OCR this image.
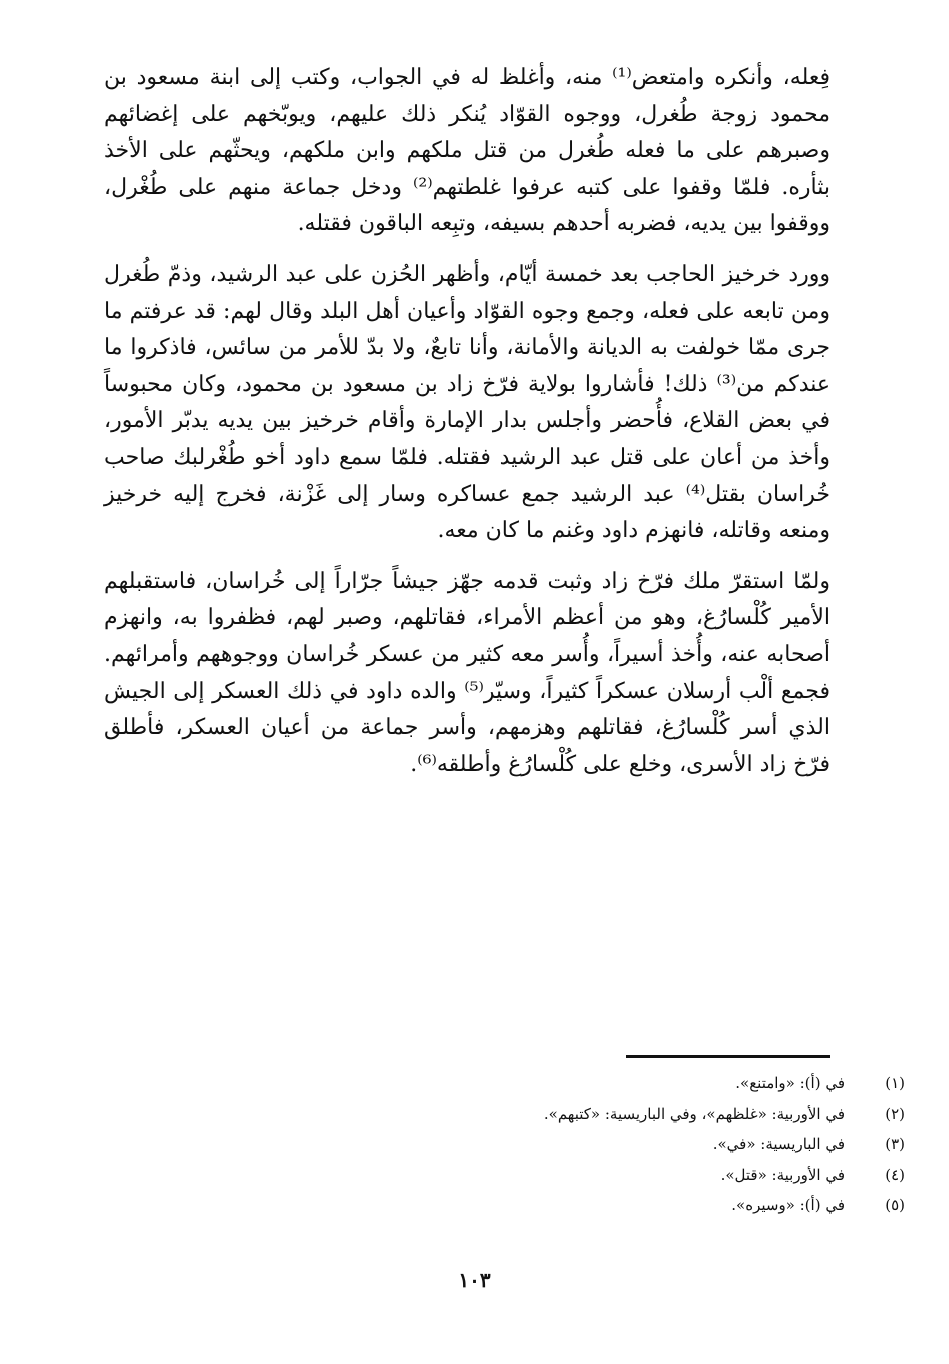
فِعله، وأنكره وامتعض⁽¹⁾ منه، وأغلظ له في الجواب، وكتب إلى ابنة مسعود بن محمود زوجة طُغرل، ووجوه القوّاد يُنكر ذلك عليهم، ويوبّخهم على إغضائهم وصبرهم على ما فعله طُغرل من قتل ملكهم وابن ملكهم، ويحثّهم على الأخذ بثأره. فلمّا وقفوا على كتبه عرفوا غلطتهم⁽²⁾ ودخل جماعة منهم على طُغْرل، ووقفوا بين يديه، فضربه أحدهم بسيفه، وتبِعه الباقون فقتله.

وورد خرخيز الحاجب بعد خمسة أيّام، وأظهر الحُزن على عبد الرشيد، وذمّ طُغرل ومن تابعه على فعله، وجمع وجوه القوّاد وأعيان أهل البلد وقال لهم: قد عرفتم ما جرى ممّا خولفت به الديانة والأمانة، وأنا تابعٌ، ولا بدّ للأمر من سائس، فاذكروا ما عندكم من⁽³⁾ ذلك! فأشاروا بولاية فرّخ زاد بن مسعود بن محمود، وكان محبوساً في بعض القلاع، فأُحضر وأجلس بدار الإمارة وأقام خرخيز بين يديه يدبّر الأمور، وأخذ من أعان على قتل عبد الرشيد فقتله. فلمّا سمع داود أخو طُغْرلبك صاحب خُراسان بقتل⁽⁴⁾ عبد الرشيد جمع عساكره وسار إلى غَزْنة، فخرج إليه خرخيز ومنعه وقاتله، فانهزم داود وغنم ما كان معه.

ولمّا استقرّ ملك فرّخ زاد وثبت قدمه جهّز جيشاً جرّاراً إلى خُراسان، فاستقبلهم الأمير كُلْسارُغ، وهو من أعظم الأمراء، فقاتلهم، وصبر لهم، فظفروا به، وانهزم أصحابه عنه، وأُخذ أسيراً، وأُسر معه كثير من عسكر خُراسان ووجوههم وأمرائهم. فجمع ألْب أرسلان عسكراً كثيراً، وسيّر⁽⁵⁾ والده داود في ذلك العسكر إلى الجيش الذي أسر كُلْسارُغ، فقاتلهم وهزمهم، وأسر جماعة من أعيان العسكر، فأطلق فرّخ زاد الأسرى، وخلع على كُلْسارُغ وأطلقه⁽⁶⁾.

(١)
في (أ): «وامتنع».
(٢)
في الأوربية: «غلظهم»، وفي الباريسية: «كتبهم».
(٣)
في الباريسية: «في».
(٤)
في الأوربية: «قتل».
(٥)
في (أ): «وسيره».
١٠٣
